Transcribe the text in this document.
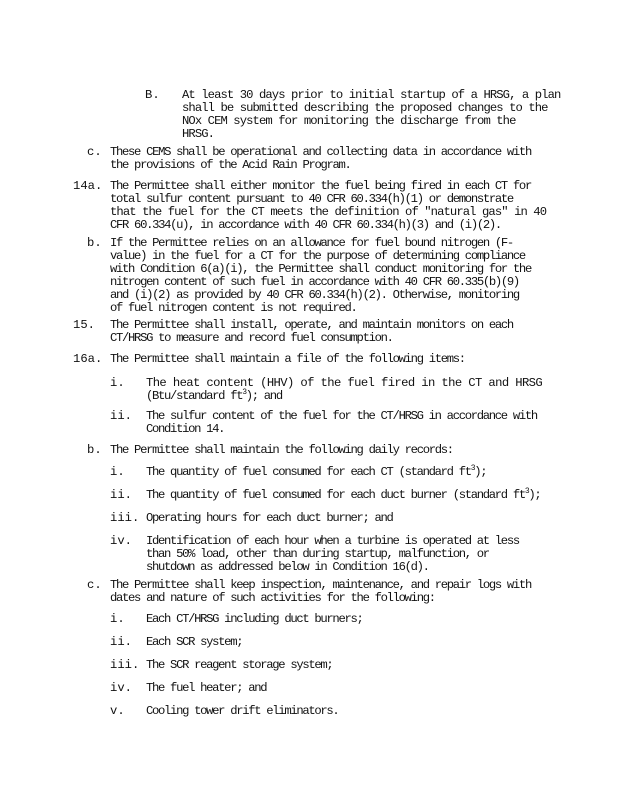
B. At least 30 days prior to initial startup of a HRSG, a plan
shall be submitted describing the proposed changes to the
NOx CEM system for monitoring the discharge from the
HRSG.
c. These CEMS shall be operational and collecting data in accordance with
the provisions of the Acid Rain Program.
14a. The Permittee shall either monitor the fuel being fired in each CT for
total sulfur content pursuant to 40 CFR 60.334(h)(1) or demonstrate
that the fuel for the CT meets the definition of "natural gas" in 40
CFR 60.334(u), in accordance with 40 CFR 60.334(h)(3) and (i)(2).
b. If the Permittee relies on an allowance for fuel bound nitrogen (F-
value) in the fuel for a CT for the purpose of determining compliance
with Condition 6(a)(i), the Permittee shall conduct monitoring for the
nitrogen content of such fuel in accordance with 40 CFR 60.335(b)(9)
and (i)(2) as provided by 40 CFR 60.334(h)(2). Otherwise, monitoring
of fuel nitrogen content is not required.
15. The Permittee shall install, operate, and maintain monitors on each
CT/HRSG to measure and record fuel consumption.
16a. The Permittee shall maintain a file of the following items:
i. The heat content (HHV) of the fuel fired in the CT and HRSG
(Btu/standard $ft^3$); and
ii. The sulfur content of the fuel for the CT/HRSG in accordance with
Condition 14.
b. The Permittee shall maintain the following daily records:
i. The quantity of fuel consumed for each CT (standard $ft^3$);
ii. The quantity of fuel consumed for each duct burner (standard $ft^3$);
iii. Operating hours for each duct burner; and
iv. Identification of each hour when a turbine is operated at less
than 50% load, other than during startup, malfunction, or
shutdown as addressed below in Condition 16(d).
c. The Permittee shall keep inspection, maintenance, and repair logs with
dates and nature of such activities for the following:
i. Each CT/HRSG including duct burners;
ii. Each SCR system;
iii. The SCR reagent storage system;
iv. The fuel heater; and
v. Cooling tower drift eliminators.
